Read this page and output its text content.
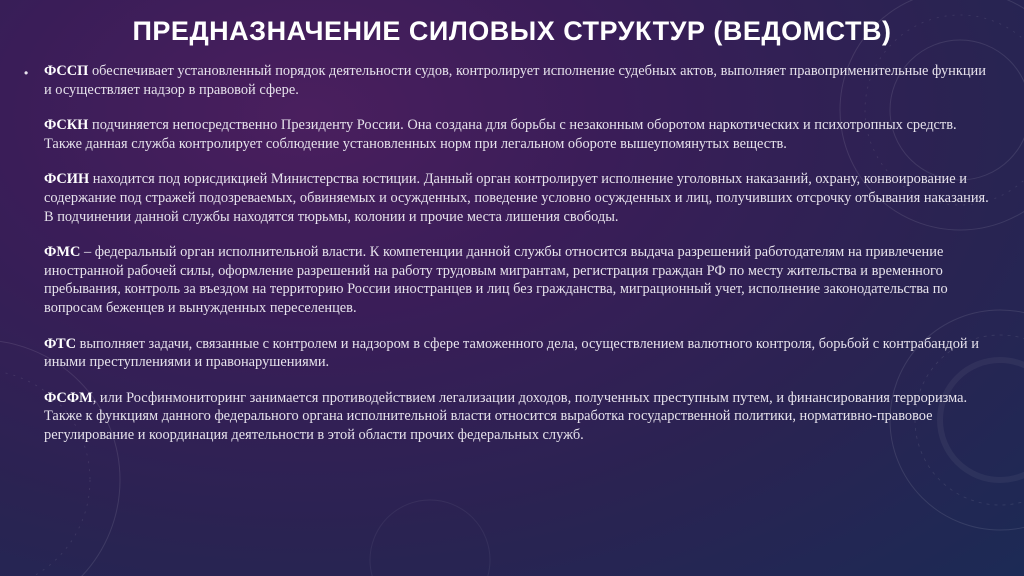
ПРЕДНАЗНАЧЕНИЕ СИЛОВЫХ СТРУКТУР (ВЕДОМСТВ)
• ФССП обеспечивает установленный порядок деятельности судов, контролирует исполнение судебных актов, выполняет правоприменительные функции и осуществляет надзор в правовой сфере.

ФСКН подчиняется непосредственно Президенту России. Она создана для борьбы с незаконным оборотом наркотических и психотропных средств. Также данная служба контролирует соблюдение установленных норм при легальном обороте вышеупомянутых веществ.

ФСИН находится под юрисдикцией Министерства юстиции. Данный орган контролирует исполнение уголовных наказаний, охрану, конвоирование и содержание под стражей подозреваемых, обвиняемых и осужденных, поведение условно осужденных и лиц, получивших отсрочку отбывания наказания. В подчинении данной службы находятся тюрьмы, колонии и прочие места лишения свободы.

ФМС – федеральный орган исполнительной власти. К компетенции данной службы относится выдача разрешений работодателям на привлечение иностранной рабочей силы, оформление разрешений на работу трудовым мигрантам, регистрация граждан РФ по месту жительства и временного пребывания, контроль за въездом на территорию России иностранцев и лиц без гражданства, миграционный учет, исполнение законодательства по вопросам беженцев и вынужденных переселенцев.

ФТС выполняет задачи, связанные с контролем и надзором в сфере таможенного дела, осуществлением валютного контроля, борьбой с контрабандой и иными преступлениями и правонарушениями.

ФСФМ, или Росфинмониторинг занимается противодействием легализации доходов, полученных преступным путем, и финансирования терроризма. Также к функциям данного федерального органа исполнительной власти относится выработка государственной политики, нормативно-правовое регулирование и координация деятельности в этой области прочих федеральных служб.
